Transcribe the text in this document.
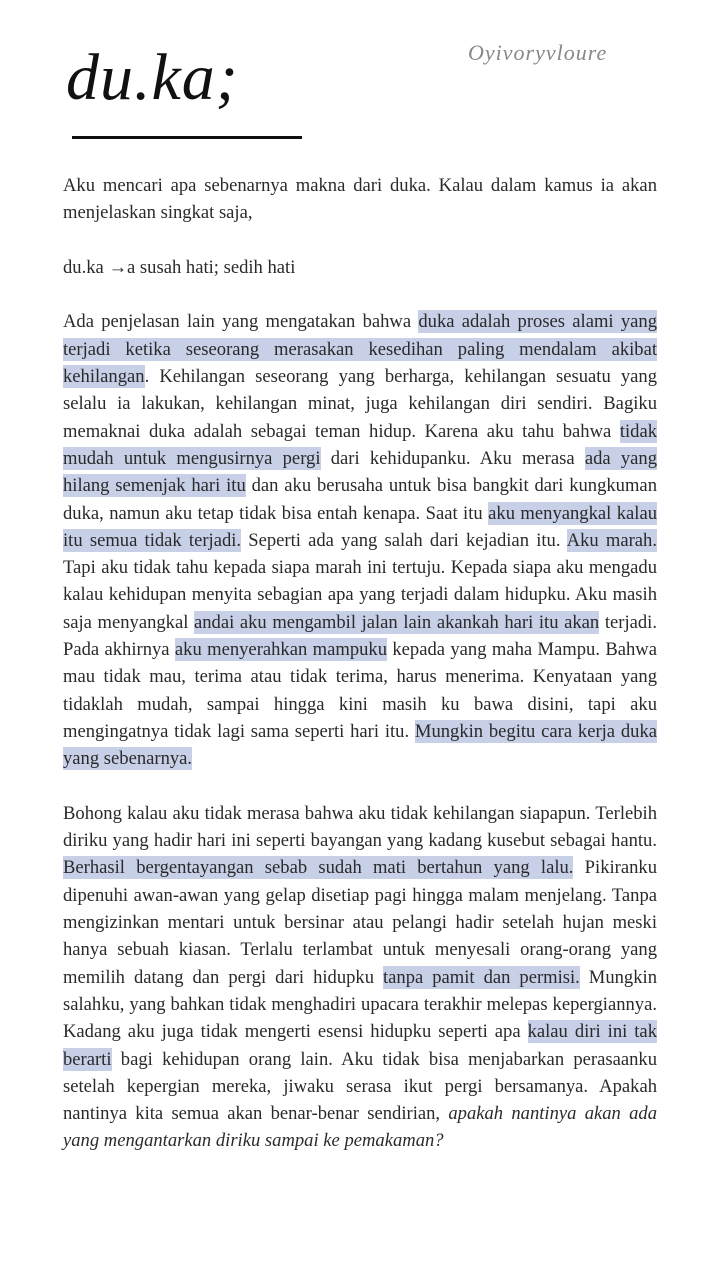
Oyivoryvloure
du.ka;

Aku mencari apa sebenarnya makna dari duka. Kalau dalam kamus ia akan menjelaskan singkat saja,

du.ka →a susah hati; sedih hati

Ada penjelasan lain yang mengatakan bahwa duka adalah proses alami yang terjadi ketika seseorang merasakan kesedihan paling mendalam akibat kehilangan. Kehilangan seseorang yang berharga, kehilangan sesuatu yang selalu ia lakukan, kehilangan minat, juga kehilangan diri sendiri. Bagiku memaknai duka adalah sebagai teman hidup. Karena aku tahu bahwa tidak mudah untuk mengusirnya pergi dari kehidupanku. Aku merasa ada yang hilang semenjak hari itu dan aku berusaha untuk bisa bangkit dari kungkuman duka, namun aku tetap tidak bisa entah kenapa. Saat itu aku menyangkal kalau itu semua tidak terjadi. Seperti ada yang salah dari kejadian itu. Aku marah. Tapi aku tidak tahu kepada siapa marah ini tertuju. Kepada siapa aku mengadu kalau kehidupan menyita sebagian apa yang terjadi dalam hidupku. Aku masih saja menyangkal andai aku mengambil jalan lain akankah hari itu akan terjadi. Pada akhirnya aku menyerahkan mampuku kepada yang maha Mampu. Bahwa mau tidak mau, terima atau tidak terima, harus menerima. Kenyataan yang tidaklah mudah, sampai hingga kini masih ku bawa disini, tapi aku mengingatnya tidak lagi sama seperti hari itu. Mungkin begitu cara kerja duka yang sebenarnya.

Bohong kalau aku tidak merasa bahwa aku tidak kehilangan siapapun. Terlebih diriku yang hadir hari ini seperti bayangan yang kadang kusebut sebagai hantu. Berhasil bergentayangan sebab sudah mati bertahun yang lalu. Pikiranku dipenuhi awan-awan yang gelap disetiap pagi hingga malam menjelang. Tanpa mengizinkan mentari untuk bersinar atau pelangi hadir setelah hujan meski hanya sebuah kiasan. Terlalu terlambat untuk menyesali orang-orang yang memilih datang dan pergi dari hidupku tanpa pamit dan permisi. Mungkin salahku, yang bahkan tidak menghadiri upacara terakhir melepas kepergiannya. Kadang aku juga tidak mengerti esensi hidupku seperti apa kalau diri ini tak berarti bagi kehidupan orang lain. Aku tidak bisa menjabarkan perasaanku setelah kepergian mereka, jiwaku serasa ikut pergi bersamanya. Apakah nantinya kita semua akan benar-benar sendirian, apakah nantinya akan ada yang mengantarkan diriku sampai ke pemakaman?
